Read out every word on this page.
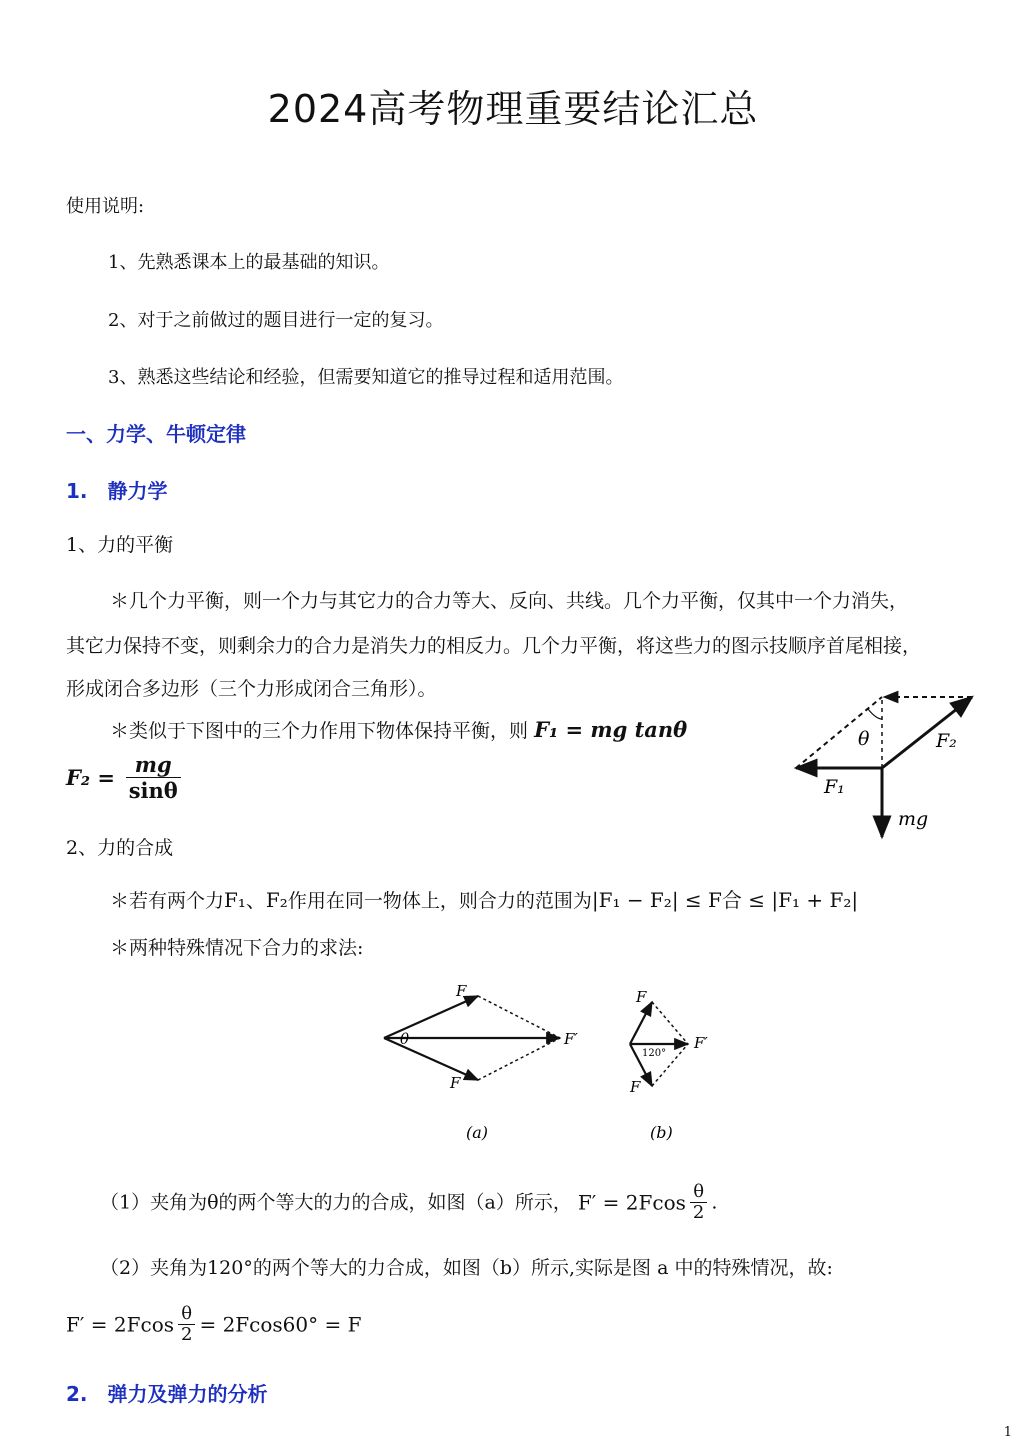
2024高考物理重要结论汇总
使用说明:
1、先熟悉课本上的最基础的知识。
2、对于之前做过的题目进行一定的复习。
3、熟悉这些结论和经验，但需要知道它的推导过程和适用范围。
一、力学、牛顿定律
1.　静力学
1、力的平衡
＊几个力平衡，则一个力与其它力的合力等大、反向、共线。几个力平衡，仅其中一个力消失，
其它力保持不变，则剩余力的合力是消失力的相反力。几个力平衡，将这些力的图示技顺序首尾相接，
形成闭合多边形（三个力形成闭合三角形）。
＊类似于下图中的三个力作用下物体保持平衡，则 F₁ = mg tanθ
$F_2 = \frac{mg}{\sin\theta}$
θ	F₂
F₁
mg
2、力的合成
＊若有两个力F₁、F₂作用在同一物体上，则合力的范围为|F₁ − F₂| ≤ F合 ≤ |F₁ + F₂|
＊两种特殊情况下合力的求法:
F
F
F′
θ
(a)
F
F
F′
120°
(b)
（1）夹角为θ的两个等大的力的合成，如图（a）所示， $F' = 2Fcos \frac{\theta}{2}$ .
（2）夹角为120°的两个等大的力合成，如图（b）所示,实际是图 a 中的特殊情况，故:
$F' = 2Fcos \frac{\theta}{2} = 2Fcos60^\circ = F$
2.　弹力及弹力的分析
1
